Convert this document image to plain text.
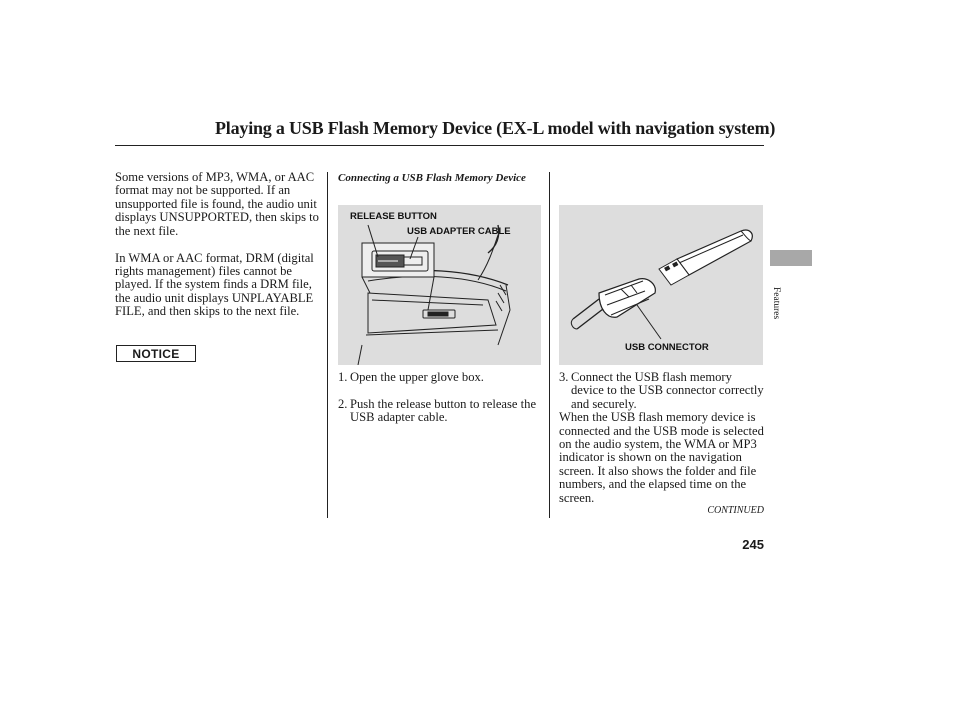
Playing a USB Flash Memory Device (EX-L model with navigation system)

Some versions of MP3, WMA, or AAC format may not be supported. If an unsupported file is found, the audio unit displays UNSUPPORTED, then skips to the next file.

In WMA or AAC format, DRM (digital rights management) files cannot be played. If the system finds a DRM file, the audio unit displays UNPLAYABLE FILE, and then skips to the next file.

NOTICE
Connecting a USB Flash Memory Device
RELEASE BUTTON
USB ADAPTER CABLE
USB CONNECTOR
1. Open the upper glove box.
2. Push the release button to release the USB adapter cable.
3. Connect the USB flash memory device to the USB connector correctly and securely.

When the USB flash memory device is connected and the USB mode is selected on the audio system, the WMA or MP3 indicator is shown on the navigation screen. It also shows the folder and file numbers, and the elapsed time on the screen.

CONTINUED
245
Features
